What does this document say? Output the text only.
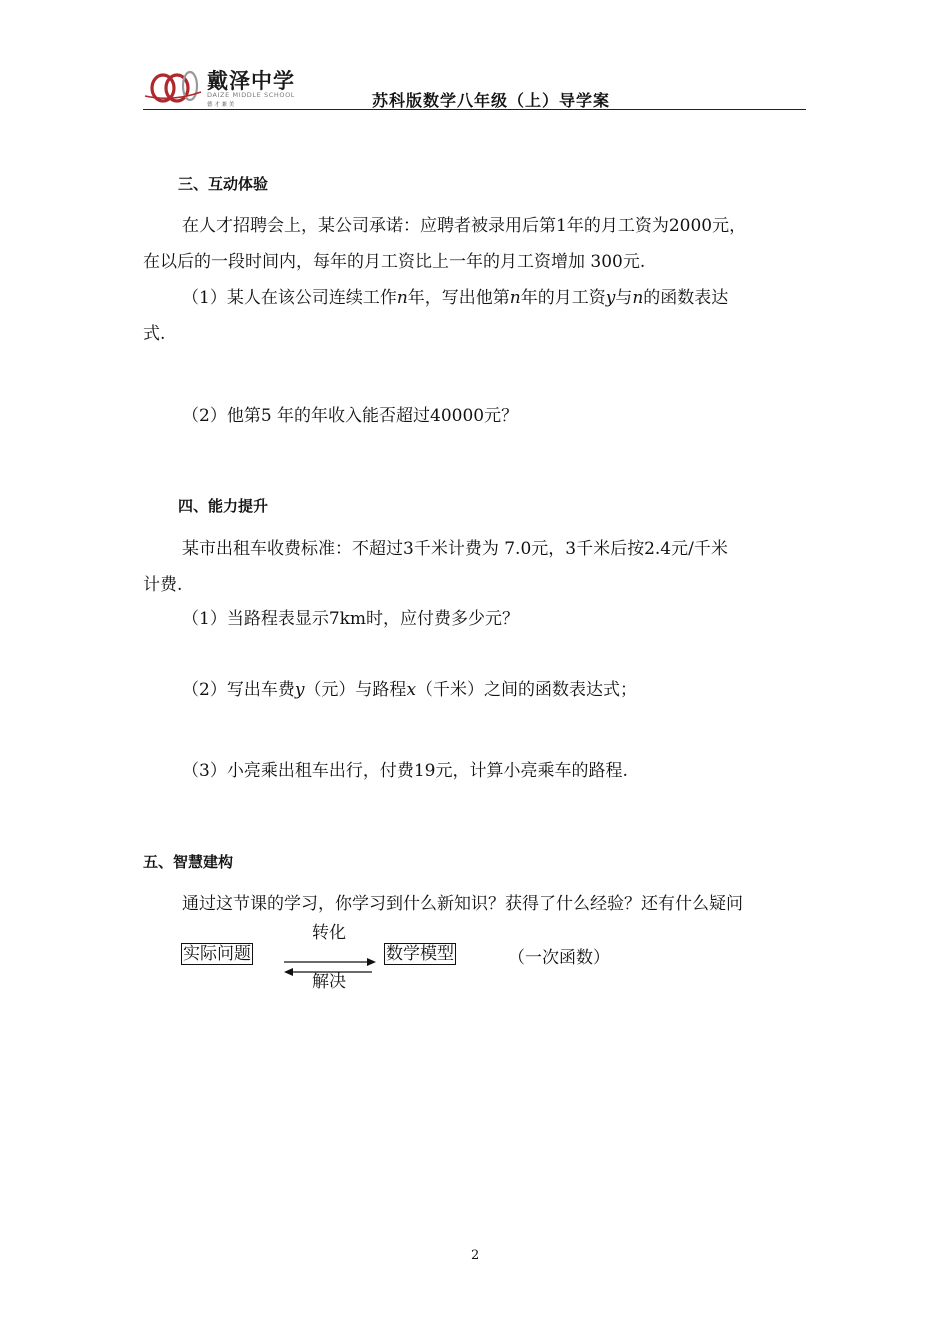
戴泽中学
DAIZE MIDDLE SCHOOL
德 才 兼 美	苏科版数学八年级（上）导学案
三、互动体验
在人才招聘会上，某公司承诺：应聘者被录用后第1年的月工资为2000元，
在以后的一段时间内，每年的月工资比上一年的月工资增加 300元.
（1）某人在该公司连续工作n年，写出他第n年的月工资y与n的函数表达
式.
（2）他第5 年的年收入能否超过40000元？
四、能力提升
某市出租车收费标准：不超过3千米计费为 7.0元，3千米后按2.4元/千米
计费.
（1）当路程表显示7km时，应付费多少元？
（2）写出车费y（元）与路程x（千米）之间的函数表达式；
（3）小亮乘出租车出行，付费19元，计算小亮乘车的路程.
五、智慧建构
通过这节课的学习，你学习到什么新知识？获得了什么经验？还有什么疑问
实际问题
转化
解决
数学模型	（一次函数）
2
